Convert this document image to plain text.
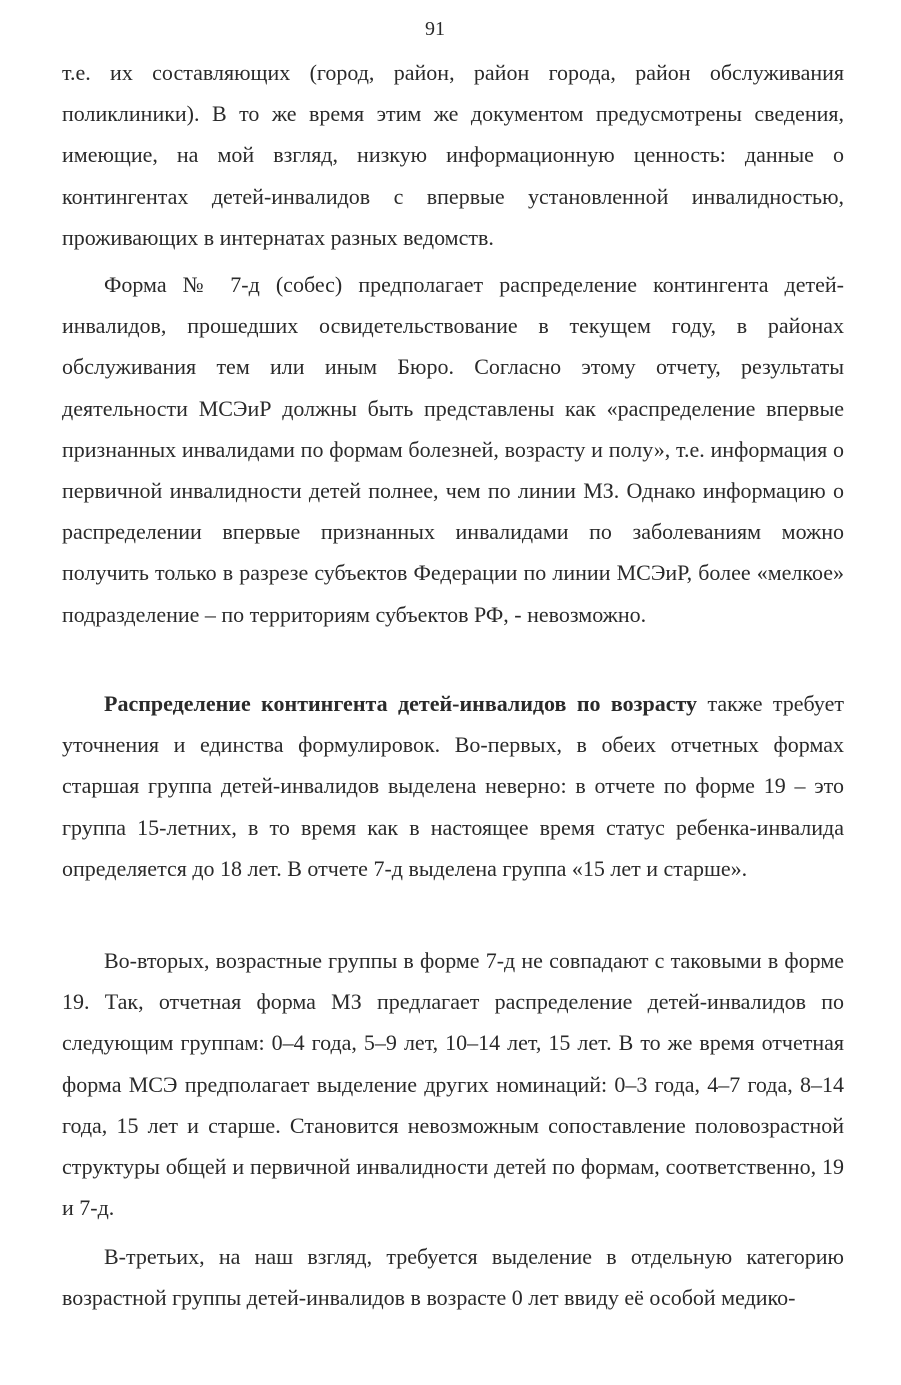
91

т.е. их составляющих (город, район, район города, район обслуживания поликлиники). В то же время этим же документом предусмотрены сведения, имеющие, на мой взгляд, низкую информационную ценность: данные о контингентах детей-инвалидов с впервые установленной инвалидностью, проживающих в интернатах разных ведомств.

Форма № 7-д (собес) предполагает распределение контингента детей-инвалидов, прошедших освидетельствование в текущем году, в районах обслуживания тем или иным Бюро. Согласно этому отчету, результаты деятельности МСЭиР должны быть представлены как «распределение впервые признанных инвалидами по формам болезней, возрасту и полу», т.е. информация о первичной инвалидности детей полнее, чем по линии МЗ. Однако информацию о распределении впервые признанных инвалидами по заболеваниям можно получить только в разрезе субъектов Федерации по линии МСЭиР, более «мелкое» подразделение – по территориям субъектов РФ, - невозможно.

Распределение контингента детей-инвалидов по возрасту также требует уточнения и единства формулировок. Во-первых, в обеих отчетных формах старшая группа детей-инвалидов выделена неверно: в отчете по форме 19 – это группа 15-летних, в то время как в настоящее время статус ребенка-инвалида определяется до 18 лет. В отчете 7-д выделена группа «15 лет и старше».

Во-вторых, возрастные группы в форме 7-д не совпадают с таковыми в форме 19. Так, отчетная форма МЗ предлагает распределение детей-инвалидов по следующим группам: 0–4 года, 5–9 лет, 10–14 лет, 15 лет. В то же время отчетная форма МСЭ предполагает выделение других номинаций: 0–3 года, 4–7 года, 8–14 года, 15 лет и старше. Становится невозможным сопоставление половозрастной структуры общей и первичной инвалидности детей по формам, соответственно, 19 и 7-д.

В-третьих, на наш взгляд, требуется выделение в отдельную категорию возрастной группы детей-инвалидов в возрасте 0 лет ввиду её особой медико-
